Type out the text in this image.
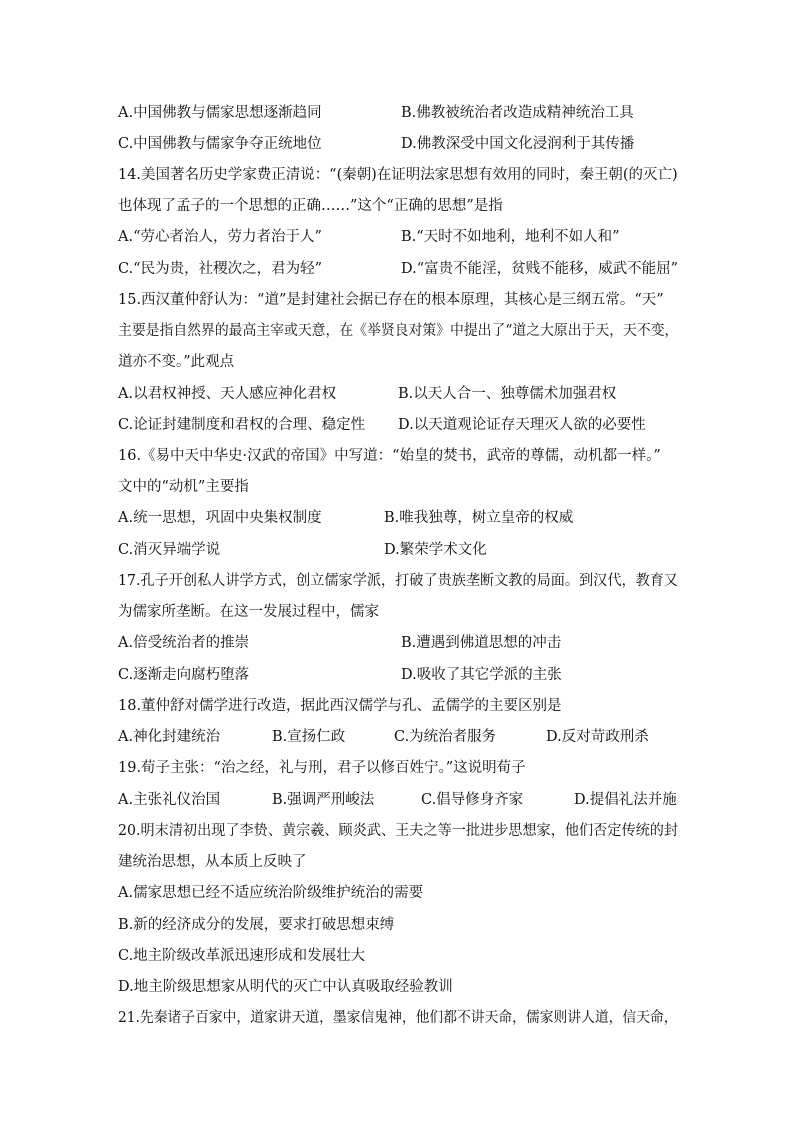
A.中国佛教与儒家思想逐渐趋同	B.佛教被统治者改造成精神统治工具
C.中国佛教与儒家争夺正统地位	D.佛教深受中国文化浸润利于其传播
14.美国著名历史学家费正清说：“(秦朝)在证明法家思想有效用的同时，秦王朝(的灭亡)
也体现了孟子的一个思想的正确……”这个“正确的思想”是指
A.“劳心者治人，劳力者治于人”	B.“天时不如地利，地利不如人和”
C.“民为贵，社稷次之，君为轻”	D.“富贵不能淫，贫贱不能移，威武不能屈”
15.西汉董仲舒认为：“道”是封建社会据已存在的根本原理，其核心是三纲五常。“天”
主要是指自然界的最高主宰或天意，在《举贤良对策》中提出了“道之大原出于天，天不变，
道亦不变。”此观点
A.以君权神授、天人感应神化君权	B.以天人合一、独尊儒术加强君权
C.论证封建制度和君权的合理、稳定性 D.以天道观论证存天理灭人欲的必要性
16.《易中天中华史·汉武的帝国》中写道：“始皇的焚书，武帝的尊儒，动机都一样。”
文中的“动机”主要指
A.统一思想，巩固中央集权制度	B.唯我独尊，树立皇帝的权威
C.消灭异端学说	D.繁荣学术文化
17.孔子开创私人讲学方式，创立儒家学派，打破了贵族垄断文教的局面。到汉代，教育又
为儒家所垄断。在这一发展过程中，儒家
A.倍受统治者的推崇	B.遭遇到佛道思想的冲击
C.逐渐走向腐朽堕落	D.吸收了其它学派的主张
18.董仲舒对儒学进行改造，据此西汉儒学与孔、孟儒学的主要区别是
A.神化封建统治	B.宣扬仁政	C.为统治者服务	D.反对苛政刑杀
19.荀子主张：“治之经，礼与刑，君子以修百姓宁。”这说明荀子
A.主张礼仪治国	B.强调严刑峻法	C.倡导修身齐家	D.提倡礼法并施
20.明末清初出现了李贽、黄宗羲、顾炎武、王夫之等一批进步思想家，他们否定传统的封
建统治思想，从本质上反映了
A.儒家思想已经不适应统治阶级维护统治的需要
B.新的经济成分的发展，要求打破思想束缚
C.地主阶级改革派迅速形成和发展壮大
D.地主阶级思想家从明代的灭亡中认真吸取经验教训
21.先秦诸子百家中，道家讲天道，墨家信鬼神，他们都不讲天命，儒家则讲人道，信天命，
